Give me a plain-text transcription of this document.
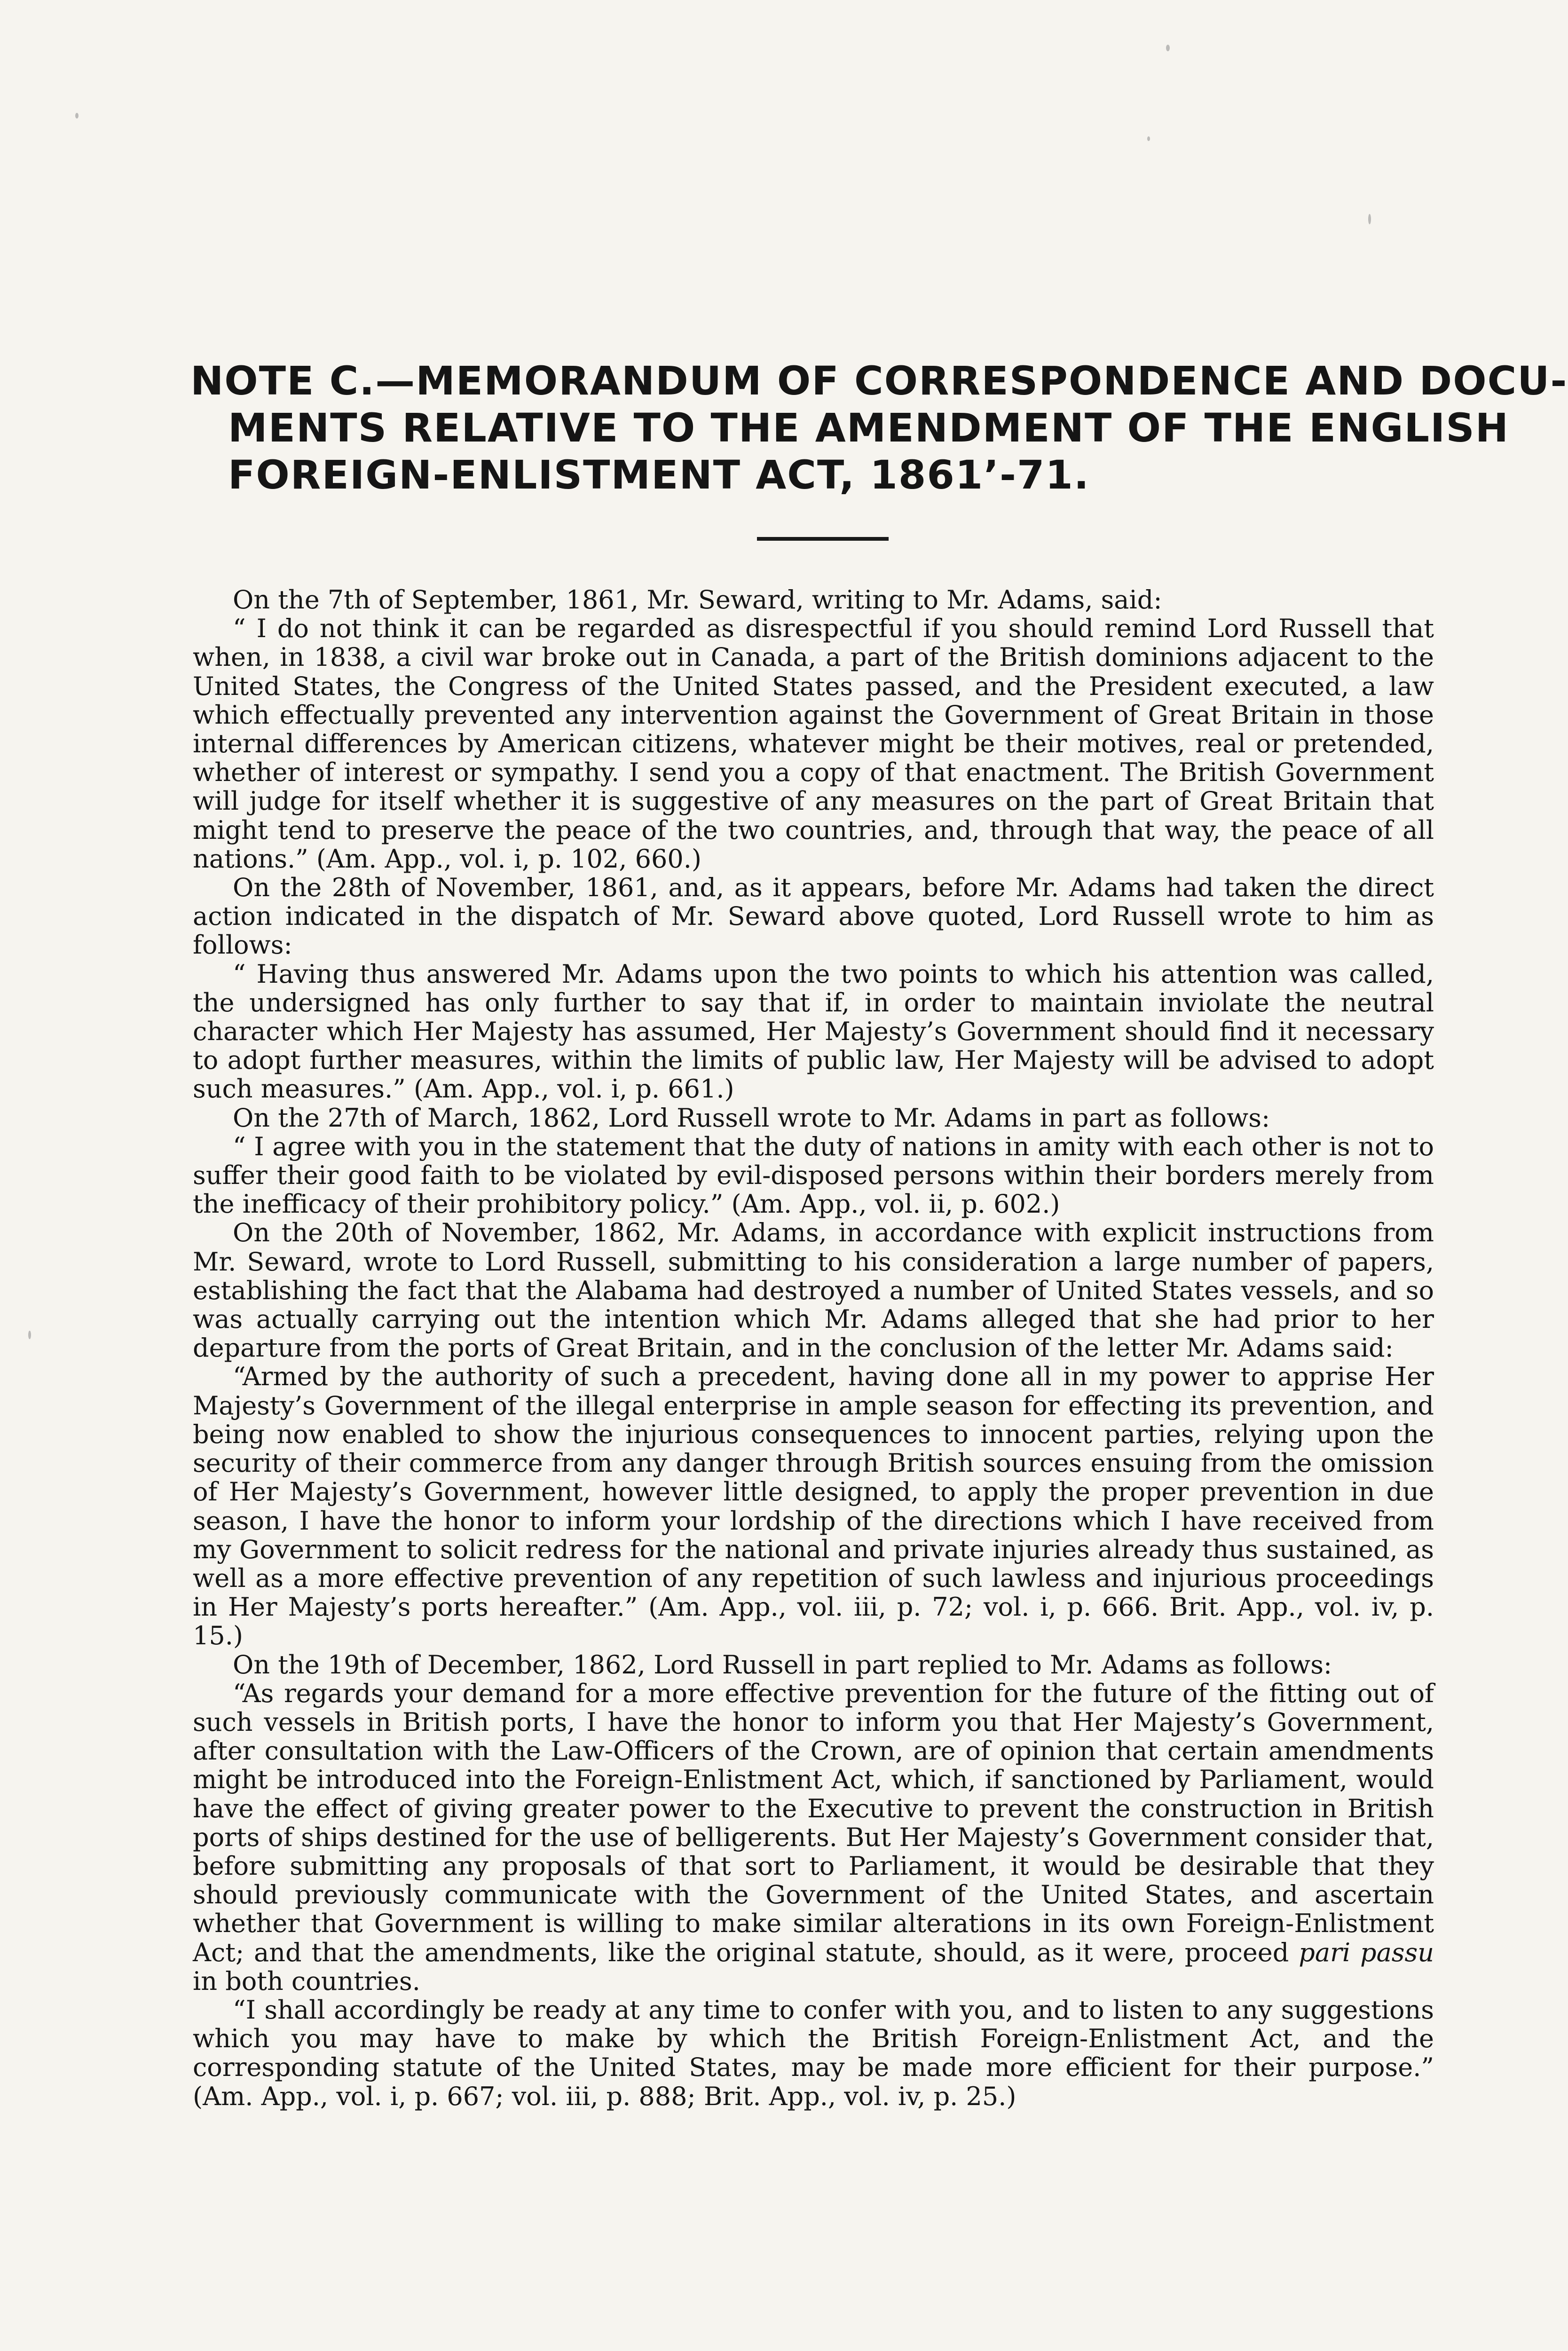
NOTE C.—MEMORANDUM OF CORRESPONDENCE AND DOCU-
MENTS RELATIVE TO THE AMENDMENT OF THE ENGLISH
FOREIGN-ENLISTMENT ACT, 1861’-71.

On the 7th of September, 1861, Mr. Seward, writing to Mr. Adams, said:

“ I do not think it can be regarded as disrespectful if you should remind Lord Russell that when, in 1838, a civil war broke out in Canada, a part of the British dominions adjacent to the United States, the Congress of the United States passed, and the President executed, a law which effectually prevented any intervention against the Government of Great Britain in those internal differences by American citizens, whatever might be their motives, real or pretended, whether of interest or sympathy. I send you a copy of that enactment. The British Government will judge for itself whether it is suggestive of any measures on the part of Great Britain that might tend to preserve the peace of the two countries, and, through that way, the peace of all nations.” (Am. App., vol. i, p. 102, 660.)

On the 28th of November, 1861, and, as it appears, before Mr. Adams had taken the direct action indicated in the dispatch of Mr. Seward above quoted, Lord Russell wrote to him as follows:

“ Having thus answered Mr. Adams upon the two points to which his attention was called, the undersigned has only further to say that if, in order to maintain inviolate the neutral character which Her Majesty has assumed, Her Majesty’s Government should find it necessary to adopt further measures, within the limits of public law, Her Majesty will be advised to adopt such measures.” (Am. App., vol. i, p. 661.)

On the 27th of March, 1862, Lord Russell wrote to Mr. Adams in part as follows:

“ I agree with you in the statement that the duty of nations in amity with each other is not to suffer their good faith to be violated by evil-disposed persons within their borders merely from the inefficacy of their prohibitory policy.” (Am. App., vol. ii, p. 602.)

On the 20th of November, 1862, Mr. Adams, in accordance with explicit instructions from Mr. Seward, wrote to Lord Russell, submitting to his consideration a large number of papers, establishing the fact that the Alabama had destroyed a number of United States vessels, and so was actually carrying out the intention which Mr. Adams alleged that she had prior to her departure from the ports of Great Britain, and in the conclusion of the letter Mr. Adams said:

“Armed by the authority of such a precedent, having done all in my power to apprise Her Majesty’s Government of the illegal enterprise in ample season for effecting its prevention, and being now enabled to show the injurious consequences to innocent parties, relying upon the security of their commerce from any danger through British sources ensuing from the omission of Her Majesty’s Government, however little designed, to apply the proper prevention in due season, I have the honor to inform your lordship of the directions which I have received from my Government to solicit redress for the national and private injuries already thus sustained, as well as a more effective prevention of any repetition of such lawless and injurious proceedings in Her Majesty’s ports hereafter.” (Am. App., vol. iii, p. 72; vol. i, p. 666. Brit. App., vol. iv, p. 15.)

On the 19th of December, 1862, Lord Russell in part replied to Mr. Adams as follows:

“As regards your demand for a more effective prevention for the future of the fitting out of such vessels in British ports, I have the honor to inform you that Her Majesty’s Government, after consultation with the Law-Officers of the Crown, are of opinion that certain amendments might be introduced into the Foreign-Enlistment Act, which, if sanctioned by Parliament, would have the effect of giving greater power to the Executive to prevent the construction in British ports of ships destined for the use of belligerents. But Her Majesty’s Government consider that, before submitting any proposals of that sort to Parliament, it would be desirable that they should previously communicate with the Government of the United States, and ascertain whether that Government is willing to make similar alterations in its own Foreign-Enlistment Act; and that the amendments, like the original statute, should, as it were, proceed pari passu in both countries.

“I shall accordingly be ready at any time to confer with you, and to listen to any suggestions which you may have to make by which the British Foreign-Enlistment Act, and the corresponding statute of the United States, may be made more efficient for their purpose.” (Am. App., vol. i, p. 667; vol. iii, p. 888; Brit. App., vol. iv, p. 25.)
